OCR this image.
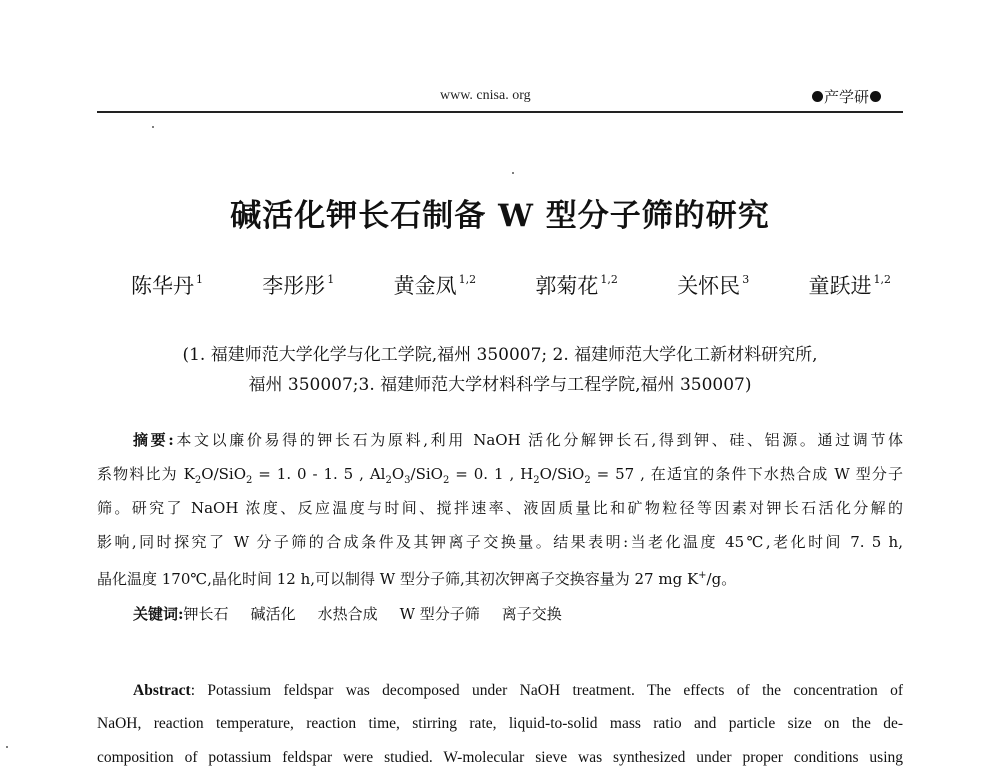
www. cnisa. org	产学研
碱活化钾长石制备 W 型分子筛的研究
陈华丹 $^1$	李彤彤 $^1$	黄金凤 $^{1,2}$	郭菊花 $^{1,2}$	关怀民 $^3$	童跃进 $^{1,2}$
(1. 福建师范大学化学与化工学院,福州 350007; 2. 福建师范大学化工新材料研究所,
福州 350007;3. 福建师范大学材料科学与工程学院,福州 350007)
摘要:本文以廉价易得的钾长石为原料,利用 NaOH 活化分解钾长石,得到钾、硅、铝源。通过调节体
系物料比为 $K_2O/SiO_2 = 1$. 0 - 1. 5 , $Al_2O_3/SiO_2 = 0$. 1 , $H_2O/SiO_2 = 57$ , 在适宜的条件下水热合成 W 型分子
筛。研究了 NaOH 浓度、反应温度与时间、搅拌速率、液固质量比和矿物粒径等因素对钾长石活化分解的
影响,同时探究了 W 分子筛的合成条件及其钾离子交换量。结果表明:当老化温度 45℃,老化时间 7. 5 h,
晶化温度 170℃,晶化时间 12 h,可以制得 W 型分子筛,其初次钾离子交换容量为 27 mg K+/g。
关键词:钾长石 碱活化 水热合成 W 型分子筛 离子交换
Abstract: Potassium feldspar was decomposed under NaOH treatment. The effects of the concentration of
NaOH, reaction temperature, reaction time, stirring rate, liquid-to-solid mass ratio and particle size on the de-
composition of potassium feldspar were studied. W-molecular sieve was synthesized under proper conditions using
